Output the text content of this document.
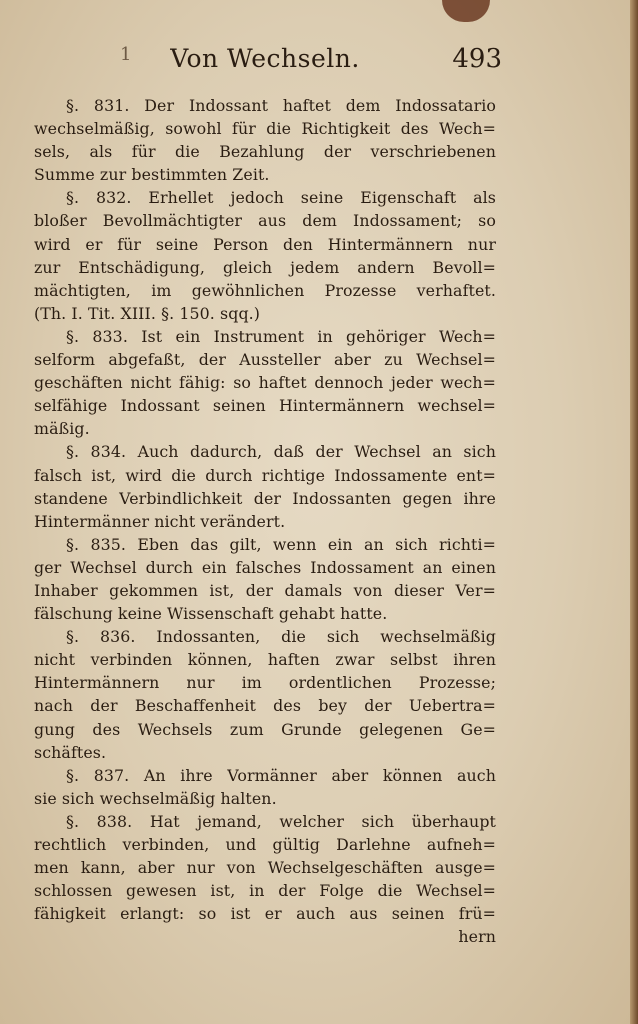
1	Von Wechseln.	493
§. 831. Der Indossant haftet dem Indossatario
wechselmäßig, sowohl für die Richtigkeit des Wech=
sels, als für die Bezahlung der verschriebenen
Summe zur bestimmten Zeit.
§. 832. Erhellet jedoch seine Eigenschaft als
bloßer Bevollmächtigter aus dem Indossament; so
wird er für seine Person den Hintermännern nur
zur Entschädigung, gleich jedem andern Bevoll=
mächtigten, im gewöhnlichen Prozesse verhaftet.
(Th. I. Tit. XIII. §. 150. sqq.)
§. 833. Ist ein Instrument in gehöriger Wech=
selform abgefaßt, der Aussteller aber zu Wechsel=
geschäften nicht fähig: so haftet dennoch jeder wech=
selfähige Indossant seinen Hintermännern wechsel=
mäßig.
§. 834. Auch dadurch, daß der Wechsel an sich
falsch ist, wird die durch richtige Indossamente ent=
standene Verbindlichkeit der Indossanten gegen ihre
Hintermänner nicht verändert.
§. 835. Eben das gilt, wenn ein an sich richti=
ger Wechsel durch ein falsches Indossament an einen
Inhaber gekommen ist, der damals von dieser Ver=
fälschung keine Wissenschaft gehabt hatte.
§. 836. Indossanten, die sich wechselmäßig
nicht verbinden können, haften zwar selbst ihren
Hintermännern nur im ordentlichen Prozesse;
nach der Beschaffenheit des bey der Uebertra=
gung des Wechsels zum Grunde gelegenen Ge=
schäftes.
§. 837. An ihre Vormänner aber können auch
sie sich wechselmäßig halten.
§. 838. Hat jemand, welcher sich überhaupt
rechtlich verbinden, und gültig Darlehne aufneh=
men kann, aber nur von Wechselgeschäften ausge=
schlossen gewesen ist, in der Folge die Wechsel=
fähigkeit erlangt: so ist er auch aus seinen frü=
hern
